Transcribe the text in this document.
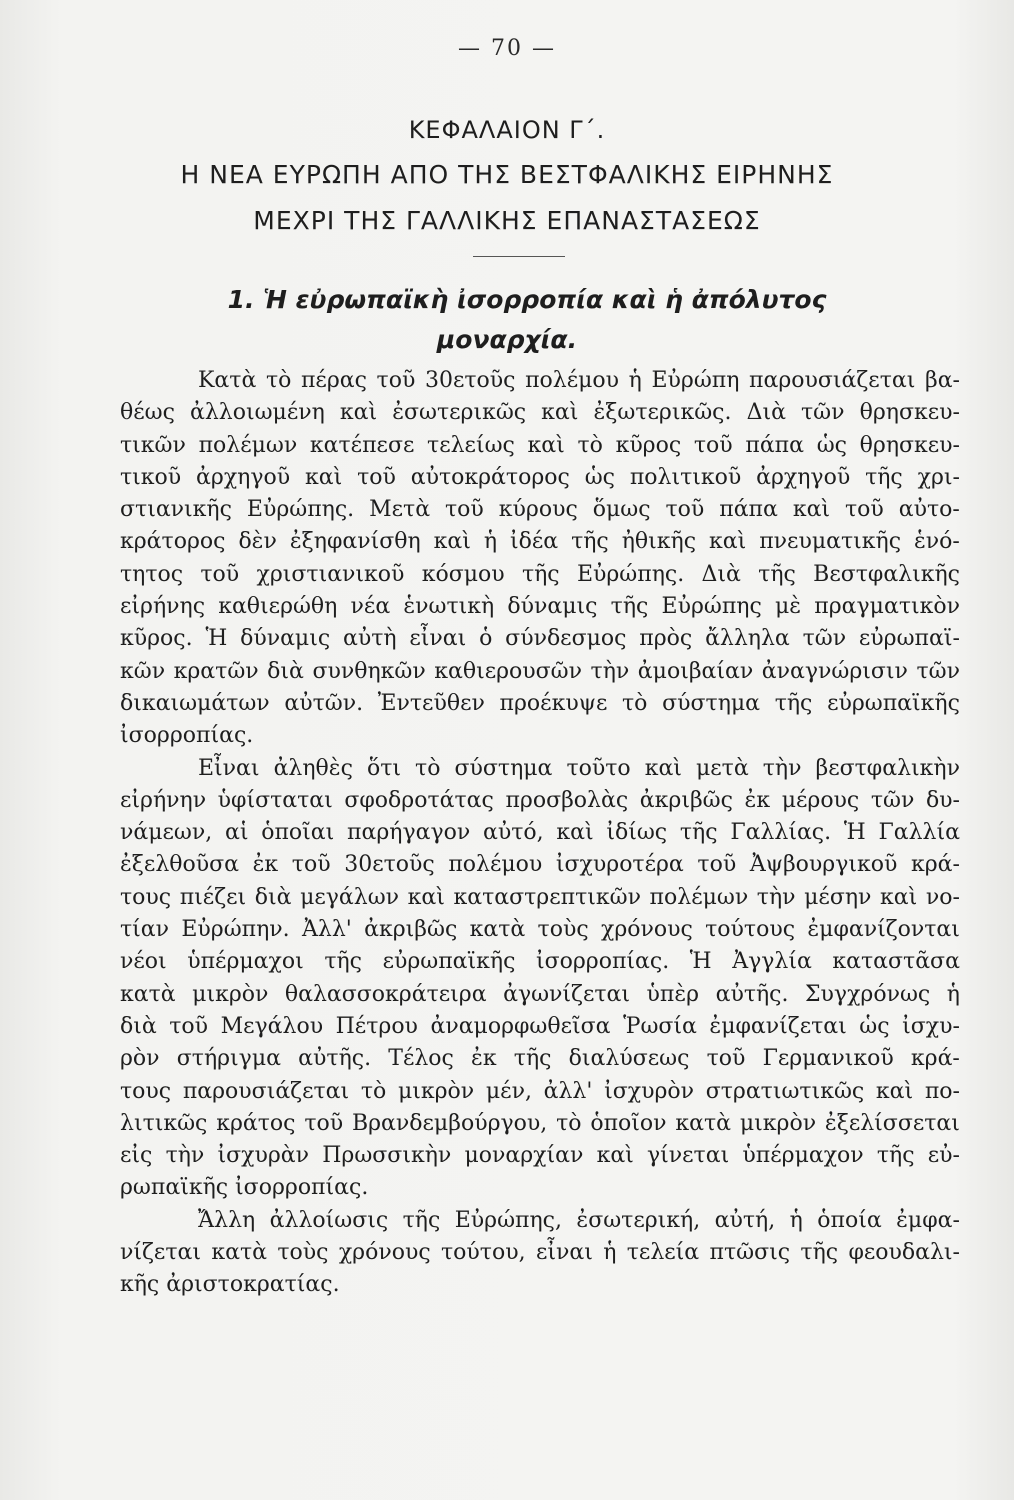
— 70 —
ΚΕΦΑΛΑΙΟΝ Γ΄.
Η ΝΕΑ ΕΥΡΩΠΗ ΑΠΟ ΤΗΣ ΒΕΣΤΦΑΛΙΚΗΣ ΕΙΡΗΝΗΣ
ΜΕΧΡΙ ΤΗΣ ΓΑΛΛΙΚΗΣ ΕΠΑΝΑΣΤΑΣΕΩΣ
1. Ἡ εὐρωπαϊκὴ ἰσορροπία καὶ ἡ ἀπόλυτος
μοναρχία.
Κατὰ τὸ πέρας τοῦ 30ετοῦς πολέμου ἡ Εὐρώπη παρουσιάζεται βα-
θέως ἀλλοιωμένη καὶ ἐσωτερικῶς καὶ ἐξωτερικῶς. Διὰ τῶν θρησκευ-
τικῶν πολέμων κατέπεσε τελείως καὶ τὸ κῦρος τοῦ πάπα ὡς θρησκευ-
τικοῦ ἀρχηγοῦ καὶ τοῦ αὐτοκράτορος ὡς πολιτικοῦ ἀρχηγοῦ τῆς χρι-
στιανικῆς Εὐρώπης. Μετὰ τοῦ κύρους ὅμως τοῦ πάπα καὶ τοῦ αὐτο-
κράτορος δὲν ἐξηφανίσθη καὶ ἡ ἰδέα τῆς ἠθικῆς καὶ πνευματικῆς ἑνό-
τητος τοῦ χριστιανικοῦ κόσμου τῆς Εὐρώπης. Διὰ τῆς Βεστφαλικῆς
εἰρήνης καθιερώθη νέα ἑνωτικὴ δύναμις τῆς Εὐρώπης μὲ πραγματικὸν
κῦρος. Ἡ δύναμις αὐτὴ εἶναι ὁ σύνδεσμος πρὸς ἄλληλα τῶν εὐρωπαϊ-
κῶν κρατῶν διὰ συνθηκῶν καθιερουσῶν τὴν ἀμοιβαίαν ἀναγνώρισιν τῶν
δικαιωμάτων αὐτῶν. Ἐντεῦθεν προέκυψε τὸ σύστημα τῆς εὐρωπαϊκῆς
ἰσορροπίας.
Εἶναι ἀληθὲς ὅτι τὸ σύστημα τοῦτο καὶ μετὰ τὴν βεστφαλικὴν
εἰρήνην ὑφίσταται σφοδροτάτας προσβολὰς ἀκριβῶς ἐκ μέρους τῶν δυ-
νάμεων, αἱ ὁποῖαι παρήγαγον αὐτό, καὶ ἰδίως τῆς Γαλλίας. Ἡ Γαλλία
ἐξελθοῦσα ἐκ τοῦ 30ετοῦς πολέμου ἰσχυροτέρα τοῦ Ἀψβουργικοῦ κρά-
τους πιέζει διὰ μεγάλων καὶ καταστρεπτικῶν πολέμων τὴν μέσην καὶ νο-
τίαν Εὐρώπην. Ἀλλ' ἀκριβῶς κατὰ τοὺς χρόνους τούτους ἐμφανίζονται
νέοι ὑπέρμαχοι τῆς εὐρωπαϊκῆς ἰσορροπίας. Ἡ Ἀγγλία καταστᾶσα
κατὰ μικρὸν θαλασσοκράτειρα ἀγωνίζεται ὑπὲρ αὐτῆς. Συγχρόνως ἡ
διὰ τοῦ Μεγάλου Πέτρου ἀναμορφωθεῖσα Ῥωσία ἐμφανίζεται ὡς ἰσχυ-
ρὸν στήριγμα αὐτῆς. Τέλος ἐκ τῆς διαλύσεως τοῦ Γερμανικοῦ κρά-
τους παρουσιάζεται τὸ μικρὸν μέν, ἀλλ' ἰσχυρὸν στρατιωτικῶς καὶ πο-
λιτικῶς κράτος τοῦ Βρανδεμβούργου, τὸ ὁποῖον κατὰ μικρὸν ἐξελίσσεται
εἰς τὴν ἰσχυρὰν Πρωσσικὴν μοναρχίαν καὶ γίνεται ὑπέρμαχον τῆς εὐ-
ρωπαϊκῆς ἰσορροπίας.
Ἄλλη ἀλλοίωσις τῆς Εὐρώπης, ἐσωτερική, αὐτή, ἡ ὁποία ἐμφα-
νίζεται κατὰ τοὺς χρόνους τούτου, εἶναι ἡ τελεία πτῶσις τῆς φεουδαλι-
κῆς ἀριστοκρατίας.
